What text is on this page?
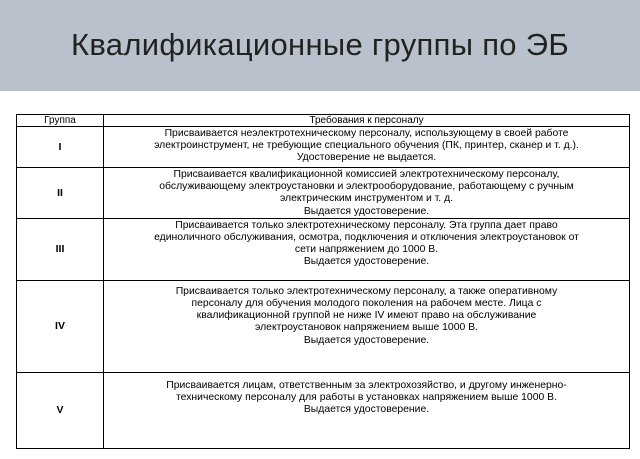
Квалификационные группы по ЭБ
Группа	Требования к персоналу
I	Присваивается неэлектротехническому персоналу, использующему в своей работе
электроинструмент, не требующие специального обучения (ПК, принтер, сканер и т. д.).
Удостоверение не выдается.

II	Присваивается квалификационной комиссией электротехническому персоналу,
обслуживающему электроустановки и электрооборудование, работающему с ручным
электрическим инструментом и т. д.
Выдается удостоверение.

III	Присваивается только электротехническому персоналу. Эта группа дает право
единоличного обслуживания, осмотра, подключения и отключения электроустановок от
сети напряжением до 1000 В.
Выдается удостоверение.

IV	Присваивается только электротехническому персоналу, а также оперативному
персоналу для обучения молодого поколения на рабочем месте. Лица с
квалификационной группой не ниже IV имеют право на обслуживание
электроустановок напряжением выше 1000 В.
Выдается удостоверение.

V	Присваивается лицам, ответственным за электрохозяйство, и другому инженерно-
техническому персоналу для работы в установках напряжением выше 1000 В.
Выдается удостоверение.
